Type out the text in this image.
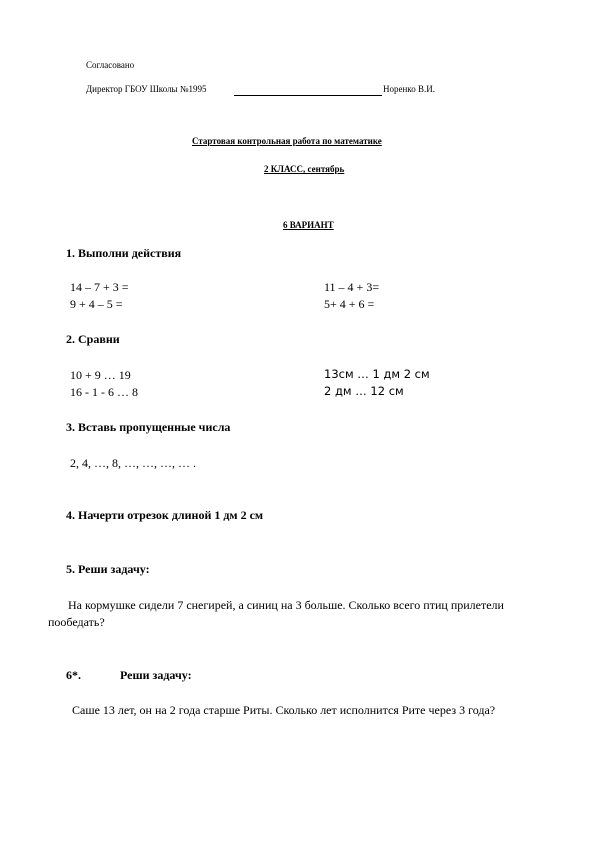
Согласовано
Директор ГБОУ Школы №1995	Норенко В.И.
Стартовая контрольная работа по математике
2 КЛАСС, сентябрь
6 ВАРИАНТ
1. Выполни действия
14 – 7 + 3 =
9 + 4 – 5 =
11 – 4 + 3=
5+ 4 + 6 =
2. Сравни
10 + 9 … 19
16 - 1 - 6 … 8
13см … 1 дм 2 см
2 дм … 12 см
3. Вставь пропущенные числа
2, 4, …, 8, …, …, …, … .
4. Начерти отрезок длиной 1 дм 2 см
5. Реши задачу:
На кормушке сидели 7 снегирей, а синиц на 3 больше. Сколько всего птиц прилетели пообедать?
6*.	Реши задачу:
Саше 13 лет, он на 2 года старше Риты. Сколько лет исполнится Рите через 3 года?
